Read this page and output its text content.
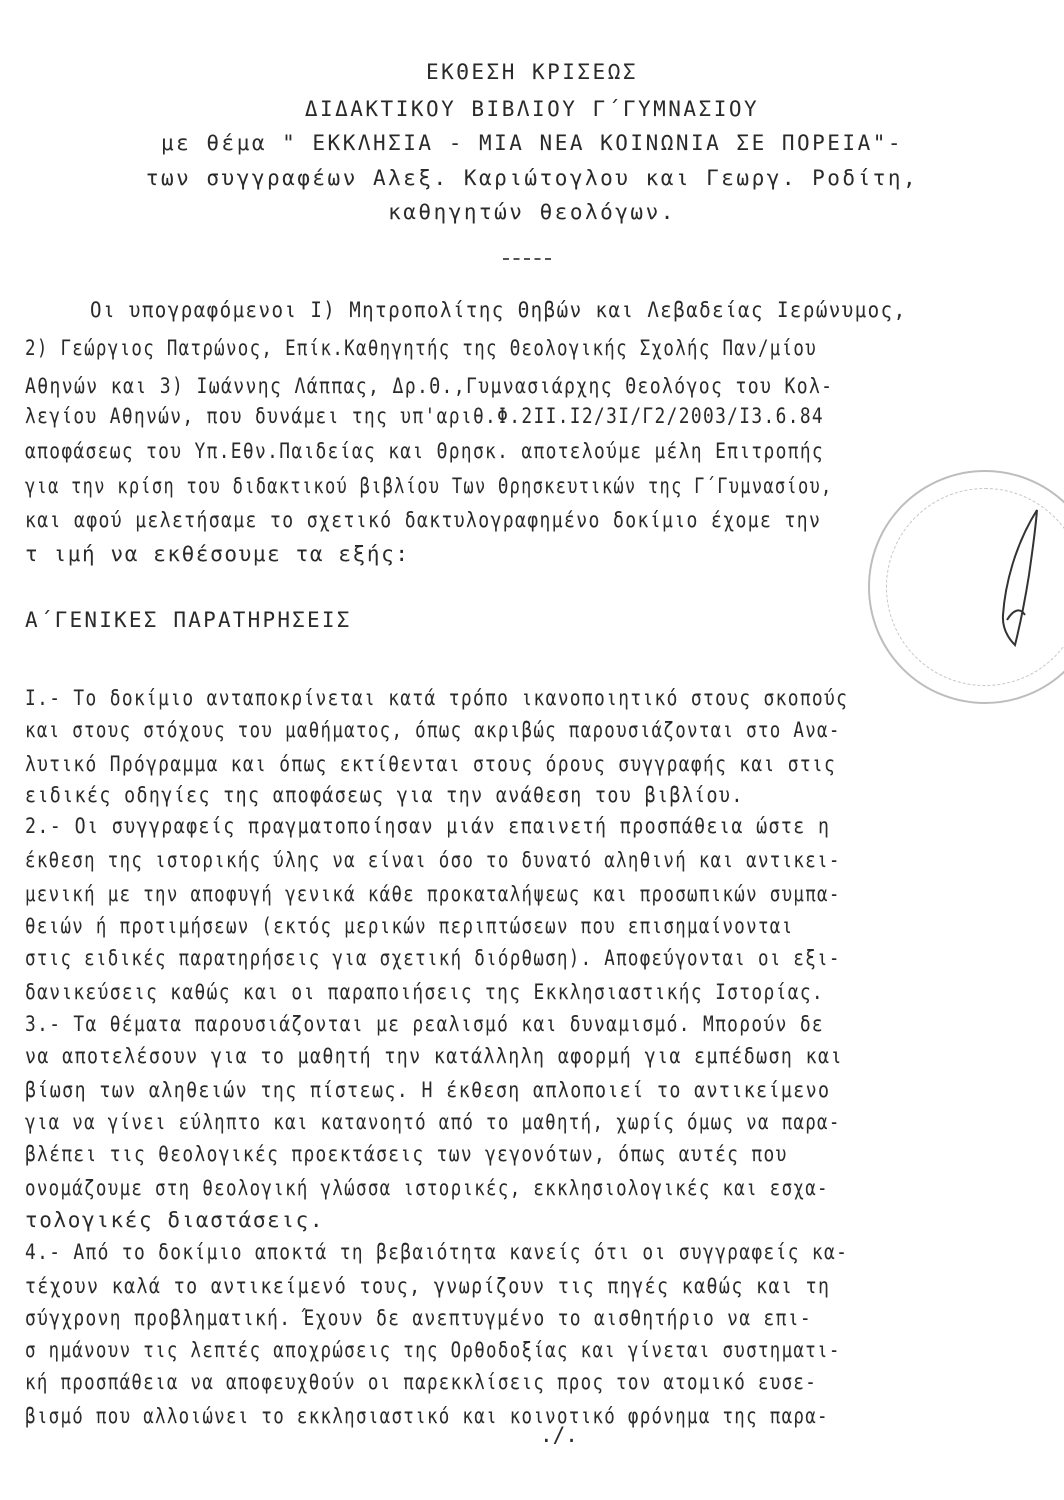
ΕΚΘΕΣΗ ΚΡΙΣΕΩΣ
ΔΙΔΑΚΤΙΚΟΥ ΒΙΒΛΙΟΥ Γ΄ΓΥΜΝΑΣΙΟΥ
με θέμα " ΕΚΚΛΗΣΙΑ - ΜΙΑ ΝΕΑ ΚΟΙΝΩΝΙΑ ΣΕ ΠΟΡΕΙΑ"-
των συγγραφέων Αλεξ. Καριώτογλου και Γεωργ. Ροδίτη,
καθηγητών θεολόγων.
Οι υπογραφόμενοι Ι) Μητροπολίτης Θηβών και Λεβαδείας Ιερώνυμος,
2) Γεώργιος Πατρώνος, Επίκ.Καθηγητής της Θεολογικής Σχολής Παν/μίου
Αθηνών και 3) Ιωάννης Λάππας, Δρ.Θ.,Γυμνασιάρχης Θεολόγος του Κολ-
λεγίου Αθηνών, που δυνάμει της υπ'αριθ.Φ.2ΙΙ.Ι2/3Ι/Γ2/2003/Ι3.6.84
αποφάσεως του Υπ.Εθν.Παιδείας και Θρησκ. αποτελούμε μέλη Επιτροπής
για την κρίση του διδακτικού βιβλίου Των Θρησκευτικών της Γ΄Γυμνασίου,
και αφού μελετήσαμε το σχετικό δακτυλογραφημένο δοκίμιο έχομε την
τ ιμή να εκθέσουμε τα εξής:
Α΄ΓΕΝΙΚΕΣ ΠΑΡΑΤΗΡΗΣΕΙΣ
Ι.- Το δοκίμιο ανταποκρίνεται κατά τρόπο ικανοποιητικό στους σκοπούς
και στους στόχους του μαθήματος, όπως ακριβώς παρουσιάζονται στο Ανα-
λυτικό Πρόγραμμα και όπως εκτίθενται στους όρους συγγραφής και στις
ειδικές οδηγίες της αποφάσεως για την ανάθεση του βιβλίου.
2.- Οι συγγραφείς πραγματοποίησαν μιάν επαινετή προσπάθεια ώστε η
έκθεση της ιστορικής ύλης να είναι όσο το δυνατό αληθινή και αντικει-
μενική με την αποφυγή γενικά κάθε προκαταλήψεως και προσωπικών συμπα-
θειών ή προτιμήσεων (εκτός μερικών περιπτώσεων που επισημαίνονται
στις ειδικές παρατηρήσεις για σχετική διόρθωση). Αποφεύγονται οι εξι-
δανικεύσεις καθώς και οι παραποιήσεις της Εκκλησιαστικής Ιστορίας.
3.- Τα θέματα παρουσιάζονται με ρεαλισμό και δυναμισμό. Μπορούν δε
να αποτελέσουν για το μαθητή την κατάλληλη αφορμή για εμπέδωση και
βίωση των αληθειών της πίστεως. Η έκθεση απλοποιεί το αντικείμενο
για να γίνει εύληπτο και κατανοητό από το μαθητή, χωρίς όμως να παρα-
βλέπει τις θεολογικές προεκτάσεις των γεγονότων, όπως αυτές που
ονομάζουμε στη θεολογική γλώσσα ιστορικές, εκκλησιολογικές και εσχα-
τολογικές διαστάσεις.
4.- Από το δοκίμιο αποκτά τη βεβαιότητα κανείς ότι οι συγγραφείς κα-
τέχουν καλά το αντικείμενό τους, γνωρίζουν τις πηγές καθώς και τη
σύγχρονη προβληματική. Έχουν δε ανεπτυγμένο το αισθητήριο να επι-
σ ημάνουν τις λεπτές αποχρώσεις της Ορθοδοξίας και γίνεται συστηματι-
κή προσπάθεια να αποφευχθούν οι παρεκκλίσεις προς τον ατομικό ευσε-
βισμό που αλλοιώνει το εκκλησιαστικό και κοινοτικό φρόνημα της παρα-
./.
